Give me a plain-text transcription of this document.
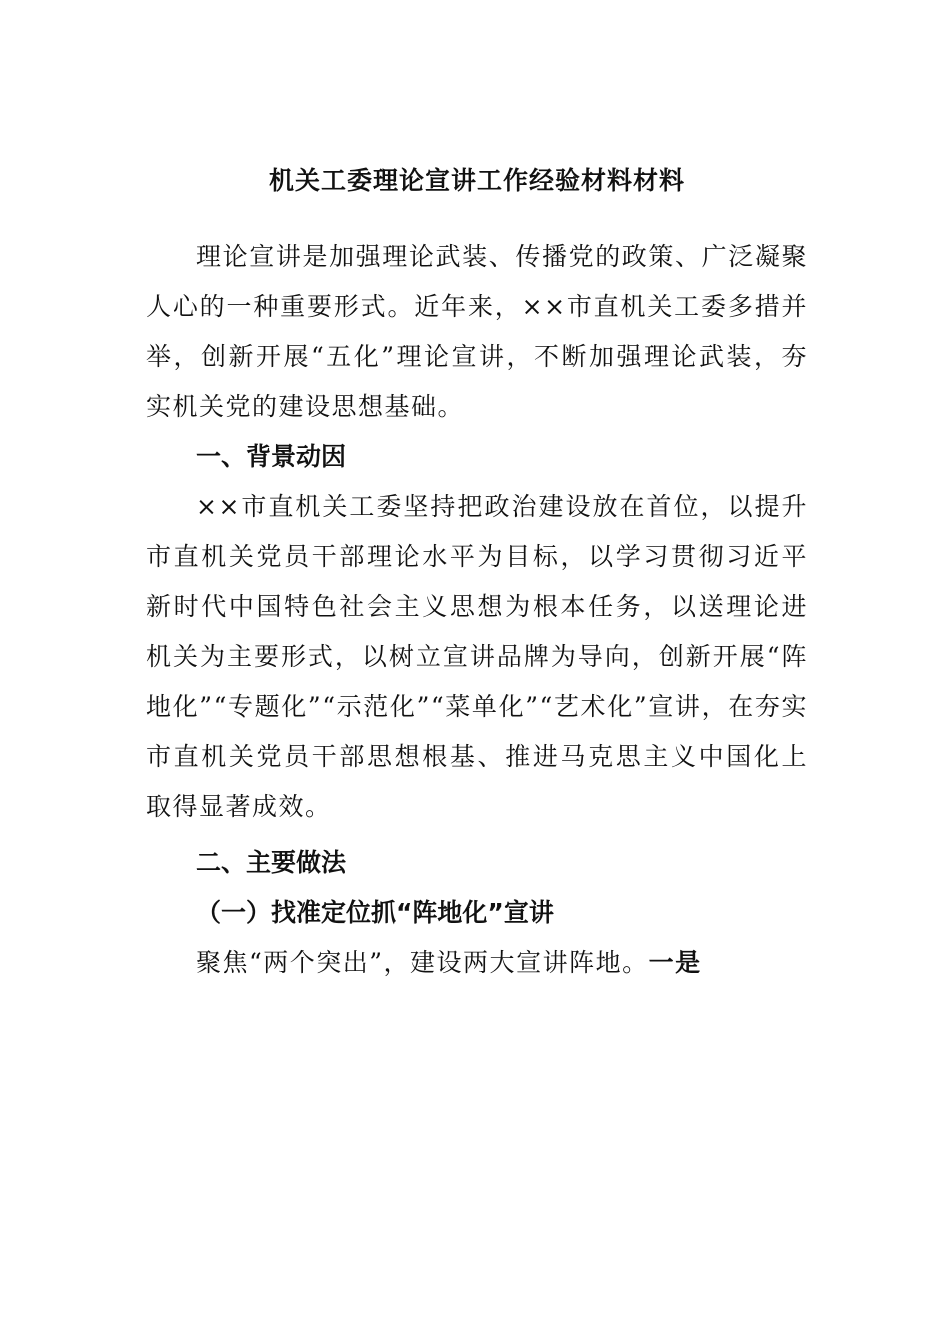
机关工委理论宣讲工作经验材料材料

理论宣讲是加强理论武装、传播党的政策、广泛凝聚人心的一种重要形式。近年来，××市直机关工委多措并举，创新开展“五化”理论宣讲，不断加强理论武装，夯实机关党的建设思想基础。

一、背景动因

××市直机关工委坚持把政治建设放在首位，以提升市直机关党员干部理论水平为目标，以学习贯彻习近平新时代中国特色社会主义思想为根本任务，以送理论进机关为主要形式，以树立宣讲品牌为导向，创新开展“阵地化”“专题化”“示范化”“菜单化”“艺术化”宣讲，在夯实市直机关党员干部思想根基、推进马克思主义中国化上取得显著成效。

二、主要做法
（一）找准定位抓“阵地化”宣讲

聚焦“两个突出”，建设两大宣讲阵地。一是
